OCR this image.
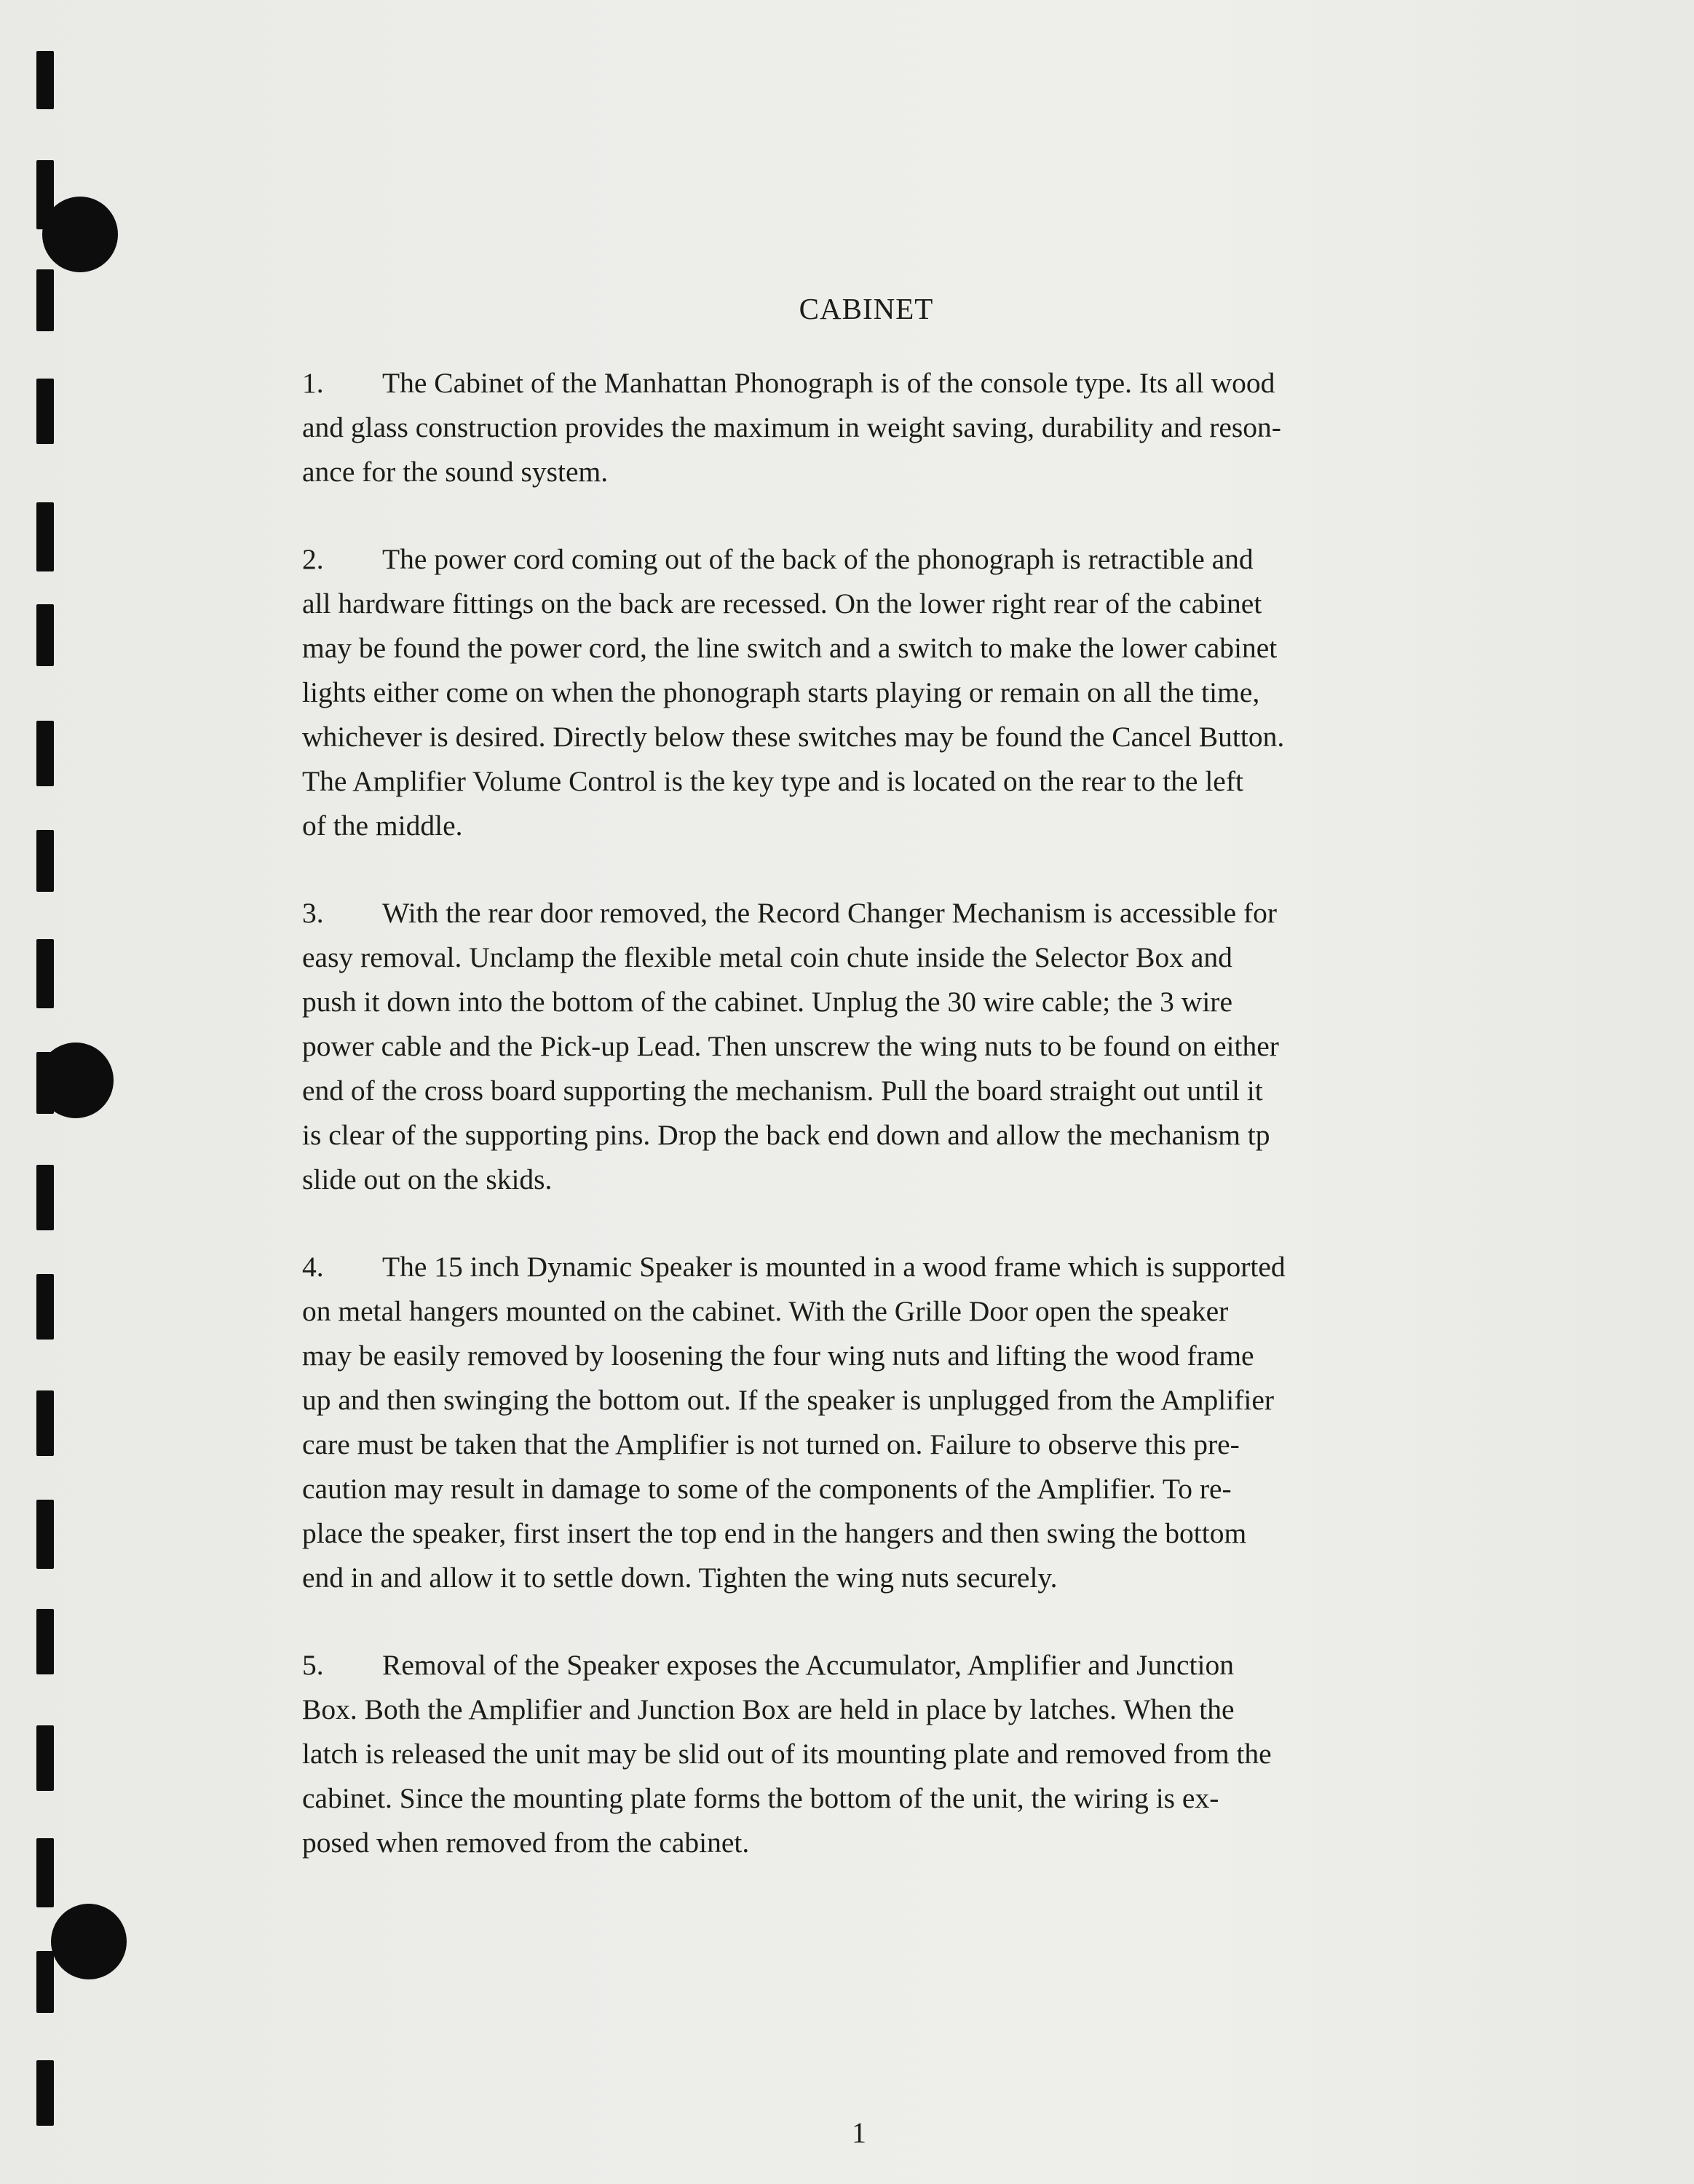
CABINET

1. The Cabinet of the Manhattan Phonograph is of the console type. Its all wood
and glass construction provides the maximum in weight saving, durability and reson-
ance for the sound system.

2. The power cord coming out of the back of the phonograph is retractible and
all hardware fittings on the back are recessed. On the lower right rear of the cabinet
may be found the power cord, the line switch and a switch to make the lower cabinet
lights either come on when the phonograph starts playing or remain on all the time,
whichever is desired. Directly below these switches may be found the Cancel Button.
The Amplifier Volume Control is the key type and is located on the rear to the left
of the middle.

3. With the rear door removed, the Record Changer Mechanism is accessible for
easy removal. Unclamp the flexible metal coin chute inside the Selector Box and
push it down into the bottom of the cabinet. Unplug the 30 wire cable; the 3 wire
power cable and the Pick-up Lead. Then unscrew the wing nuts to be found on either
end of the cross board supporting the mechanism. Pull the board straight out until it
is clear of the supporting pins. Drop the back end down and allow the mechanism tp
slide out on the skids.

4. The 15 inch Dynamic Speaker is mounted in a wood frame which is supported
on metal hangers mounted on the cabinet. With the Grille Door open the speaker
may be easily removed by loosening the four wing nuts and lifting the wood frame
up and then swinging the bottom out. If the speaker is unplugged from the Amplifier
care must be taken that the Amplifier is not turned on. Failure to observe this pre-
caution may result in damage to some of the components of the Amplifier. To re-
place the speaker, first insert the top end in the hangers and then swing the bottom
end in and allow it to settle down. Tighten the wing nuts securely.

5. Removal of the Speaker exposes the Accumulator, Amplifier and Junction
Box. Both the Amplifier and Junction Box are held in place by latches. When the
latch is released the unit may be slid out of its mounting plate and removed from the
cabinet. Since the mounting plate forms the bottom of the unit, the wiring is ex-
posed when removed from the cabinet.

1
